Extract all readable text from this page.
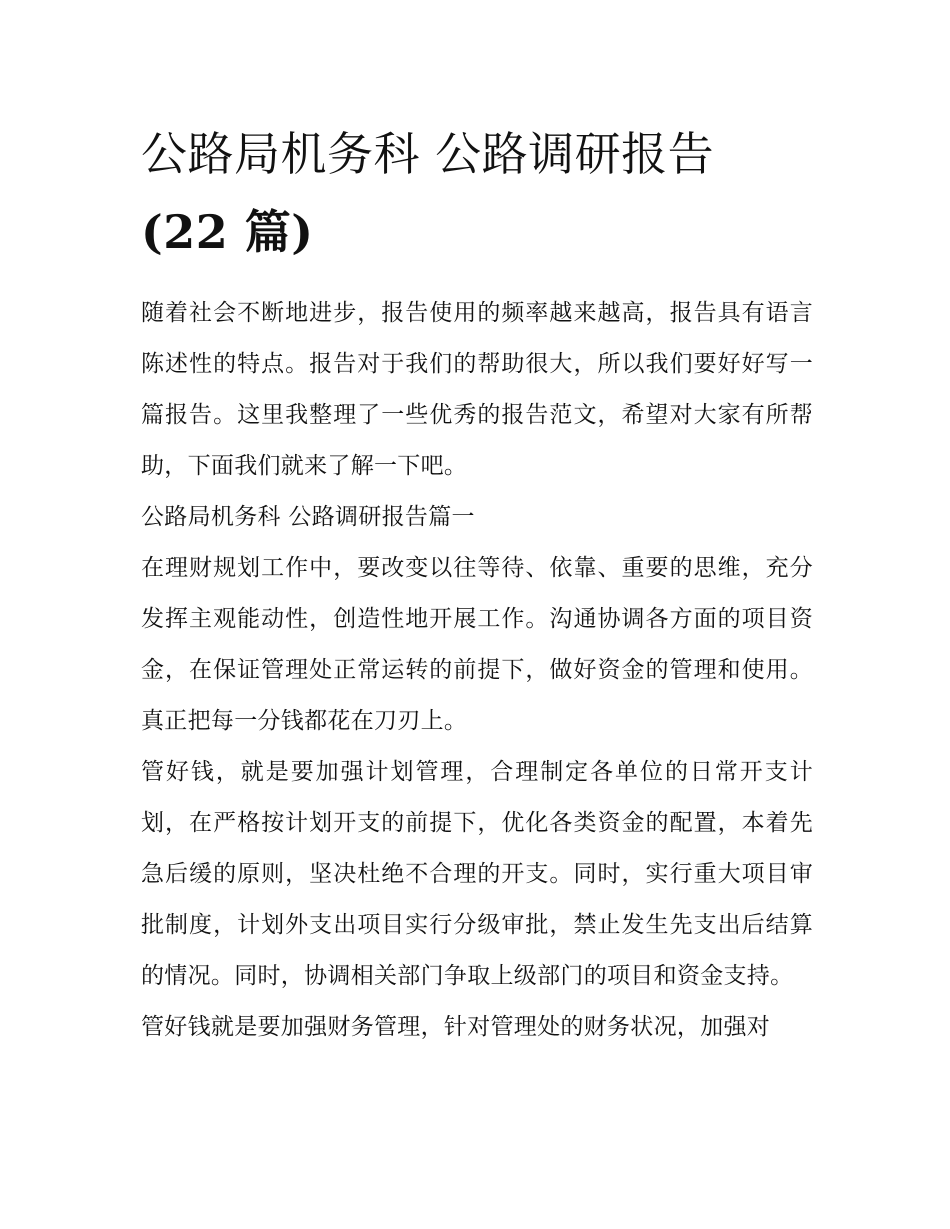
公路局机务科 公路调研报告
(22 篇)

随着社会不断地进步，报告使用的频率越来越高，报告具有语言陈述性的特点。报告对于我们的帮助很大，所以我们要好好写一篇报告。这里我整理了一些优秀的报告范文，希望对大家有所帮助，下面我们就来了解一下吧。

公路局机务科 公路调研报告篇一

在理财规划工作中，要改变以往等待、依靠、重要的思维，充分发挥主观能动性，创造性地开展工作。沟通协调各方面的项目资金，在保证管理处正常运转的前提下，做好资金的管理和使用。真正把每一分钱都花在刀刃上。

管好钱，就是要加强计划管理，合理制定各单位的日常开支计划，在严格按计划开支的前提下，优化各类资金的配置，本着先急后缓的原则，坚决杜绝不合理的开支。同时，实行重大项目审批制度，计划外支出项目实行分级审批，禁止发生先支出后结算的情况。同时，协调相关部门争取上级部门的项目和资金支持。

管好钱就是要加强财务管理，针对管理处的财务状况，加强对
